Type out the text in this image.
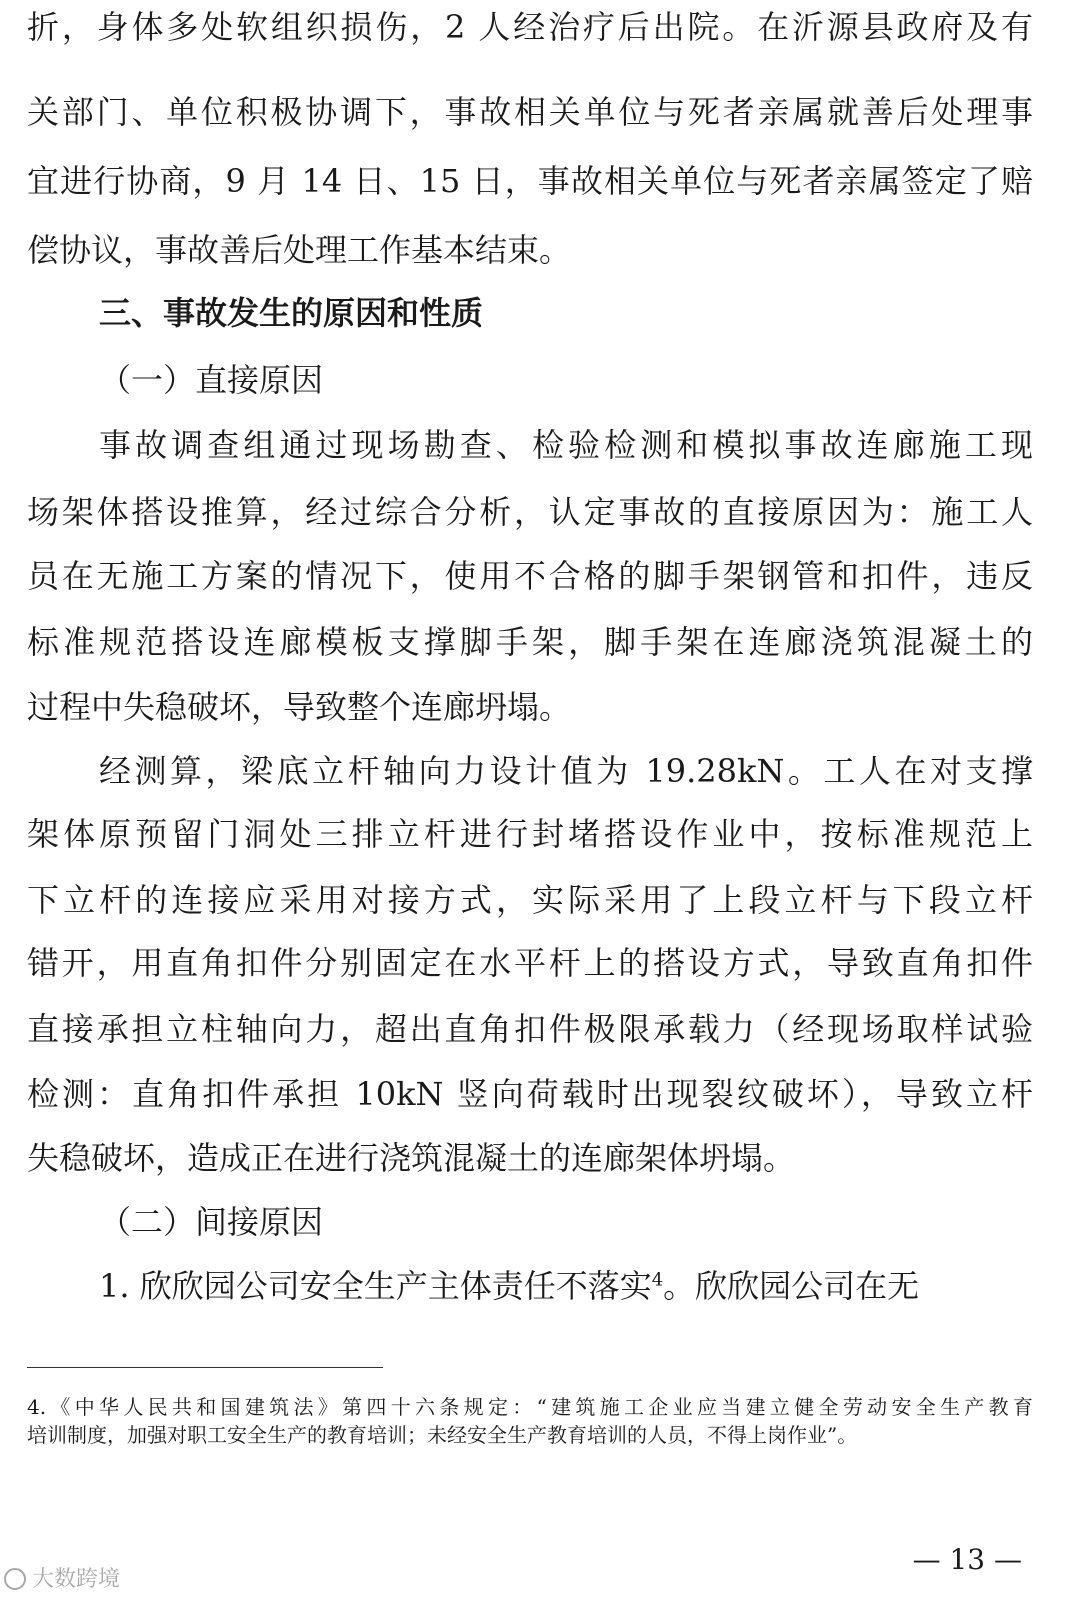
折，身体多处软组织损伤，2 人经治疗后出院。在沂源县政府及有
关部门、单位积极协调下，事故相关单位与死者亲属就善后处理事
宜进行协商，9 月 14 日、15 日，事故相关单位与死者亲属签定了赔
偿协议，事故善后处理工作基本结束。
三、事故发生的原因和性质
（一）直接原因
事故调查组通过现场勘查、检验检测和模拟事故连廊施工现
场架体搭设推算，经过综合分析，认定事故的直接原因为：施工人
员在无施工方案的情况下，使用不合格的脚手架钢管和扣件，违反
标准规范搭设连廊模板支撑脚手架，脚手架在连廊浇筑混凝土的
过程中失稳破坏，导致整个连廊坍塌。
经测算，梁底立杆轴向力设计值为 19.28kN。工人在对支撑
架体原预留门洞处三排立杆进行封堵搭设作业中，按标准规范上
下立杆的连接应采用对接方式，实际采用了上段立杆与下段立杆
错开，用直角扣件分别固定在水平杆上的搭设方式，导致直角扣件
直接承担立柱轴向力，超出直角扣件极限承载力（经现场取样试验
检测：直角扣件承担 10kN 竖向荷载时出现裂纹破坏），导致立杆
失稳破坏，造成正在进行浇筑混凝土的连廊架体坍塌。
（二）间接原因
1. 欣欣园公司安全生产主体责任不落实$^4$。欣欣园公司在无
4.《中华人民共和国建筑法》第四十六条规定：“建筑施工企业应当建立健全劳动安全生产教育
培训制度，加强对职工安全生产的教育培训；未经安全生产教育培训的人员，不得上岗作业”。
— 13 —
大数跨境
